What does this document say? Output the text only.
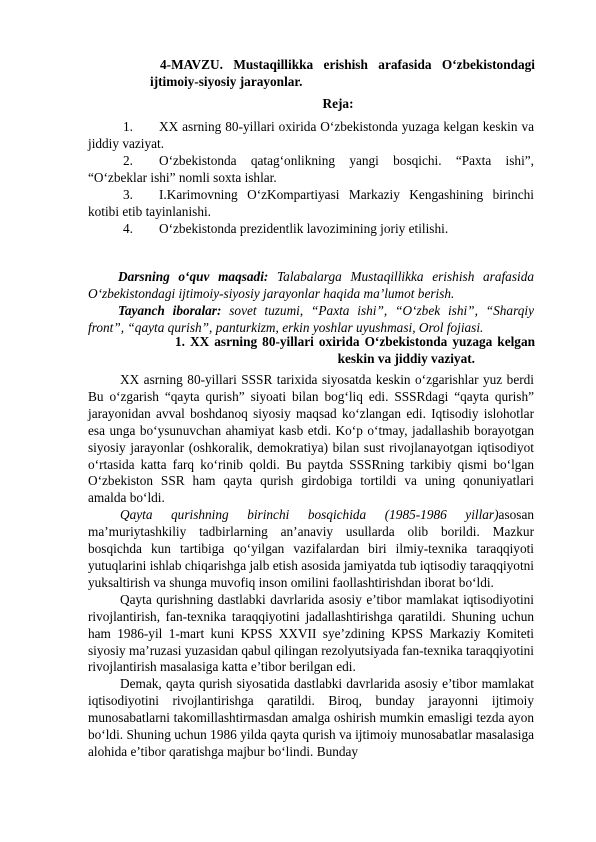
4-MAVZU. Mustaqillikka erishish arafasida O‘zbekistondagi
ijtimoiy-siyosiy jarayonlar.
Reja:
1. XX asrning 80-yillari oxirida O‘zbekistonda yuzaga kelgan keskin va jiddiy vaziyat.
2. O‘zbekistonda qatag‘onlikning yangi bosqichi. “Paxta ishi”, “O‘zbeklar ishi” nomli soxta ishlar.
3. I.Karimovning O‘zKompartiyasi Markaziy Kengashining birinchi kotibi etib tayinlanishi.
4. O‘zbekistonda prezidentlik lavozimining joriy etilishi.

Darsning o‘quv maqsadi: Talabalarga Mustaqillikka erishish arafasida O‘zbekistondagi ijtimoiy-siyosiy jarayonlar haqida ma’lumot berish.

Tayanch iboralar: sovet tuzumi, “Paxta ishi”, “O‘zbek ishi”, “Sharqiy front”, “qayta qurish”, panturkizm, erkin yoshlar uyushmasi, Orol fojiasi.

1. XX asrning 80-yillari oxirida O‘zbekistonda yuzaga kelgan
keskin va jiddiy vaziyat.

XX asrning 80-yillari SSSR tarixida siyosatda keskin o‘zgarishlar yuz berdi Bu o‘zgarish “qayta qurish” siyoati bilan bog‘liq edi. SSSRdagi “qayta qurish” jarayonidan avval boshdanoq siyosiy maqsad ko‘zlangan edi. Iqtisodiy islohotlar esa unga bo‘ysunuvchan ahamiyat kasb etdi. Ko‘p o‘tmay, jadallashib borayotgan siyosiy jarayonlar (oshkoralik, demokratiya) bilan sust rivojlanayotgan iqtisodiyot o‘rtasida katta farq ko‘rinib qoldi. Bu paytda SSSRning tarkibiy qismi bo‘lgan O‘zbekiston SSR ham qayta qurish girdobiga tortildi va uning qonuniyatlari amalda bo‘ldi.

Qayta qurishning birinchi bosqichida (1985-1986 yillar)asosan ma’muriytashkiliy tadbirlarning an’anaviy usullarda olib borildi. Mazkur bosqichda kun tartibiga qo‘yilgan vazifalardan biri ilmiy-texnika taraqqiyoti yutuqlarini ishlab chiqarishga jalb etish asosida jamiyatda tub iqtisodiy taraqqiyotni yuksaltirish va shunga muvofiq inson omilini faollashtirishdan iborat bo‘ldi.

Qayta qurishning dastlabki davrlarida asosiy e’tibor mamlakat iqtisodiyotini rivojlantirish, fan-texnika taraqqiyotini jadallashtirishga qaratildi. Shuning uchun ham 1986-yil 1-mart kuni KPSS XXVII sye’zdining KPSS Markaziy Komiteti siyosiy ma’ruzasi yuzasidan qabul qilingan rezolyutsiyada fan-texnika taraqqiyotini rivojlantirish masalasiga katta e’tibor berilgan edi.

Demak, qayta qurish siyosatida dastlabki davrlarida asosiy e’tibor mamlakat iqtisodiyotini rivojlantirishga qaratildi. Biroq, bunday jarayonni ijtimoiy munosabatlarni takomillashtirmasdan amalga oshirish mumkin emasligi tezda ayon bo‘ldi. Shuning uchun 1986 yilda qayta qurish va ijtimoiy munosabatlar masalasiga alohida e’tibor qaratishga majbur bo‘lindi. Bunday
